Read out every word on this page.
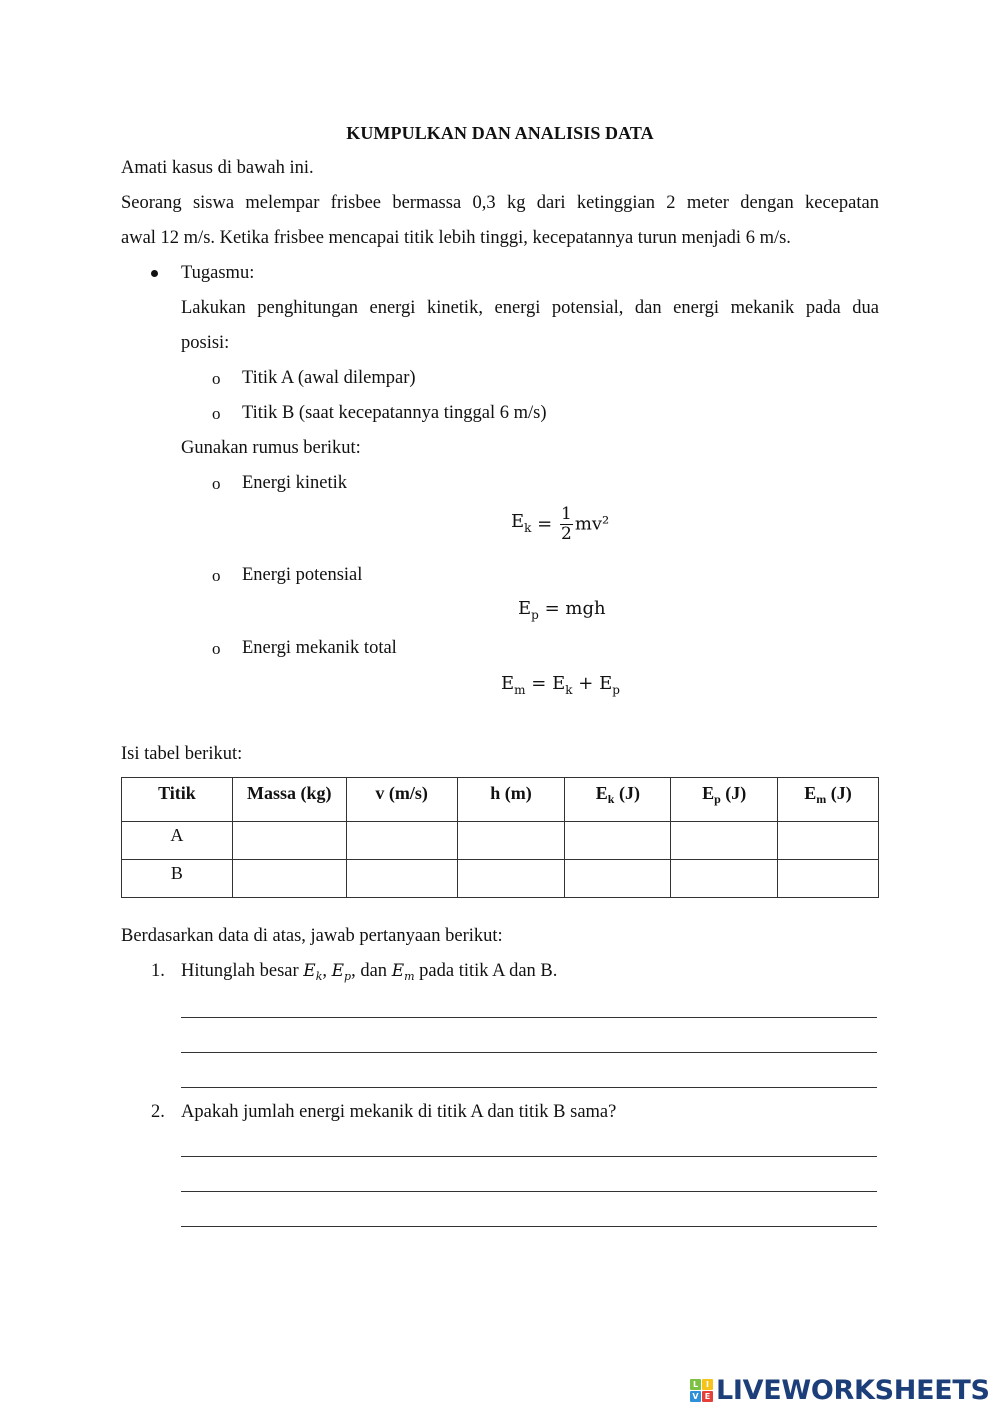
KUMPULKAN DAN ANALISIS DATA
Amati kasus di bawah ini.
Seorang siswa melempar frisbee bermassa 0,3 kg dari ketinggian 2 meter dengan kecepatan
awal 12 m/s. Ketika frisbee mencapai titik lebih tinggi, kecepatannya turun menjadi 6 m/s.
Tugasmu:
Lakukan penghitungan energi kinetik, energi potensial, dan energi mekanik pada dua
posisi:
o Titik A (awal dilempar)
o Titik B (saat kecepatannya tinggal 6 m/s)
Gunakan rumus berikut:
o Energi kinetik
$E_k = \frac{1}{2} mv^2$
o Energi potensial
$E_p$ = mgh
o Energi mekanik total
$E_m = E_k + E_p$
Isi tabel berikut:
Titik	Massa (kg)	v (m/s)	h (m)	$E_k$ (J)	$E_p$ (J)	$E_m$ (J)
A						
B						
Berdasarkan data di atas, jawab pertanyaan berikut:
1. Hitunglah besar $E_k$, $E_p$, dan $E_m$ pada titik A dan B.
2. Apakah jumlah energi mekanik di titik A dan titik B sama?
L I
V E LIVEWORKSHEETS
